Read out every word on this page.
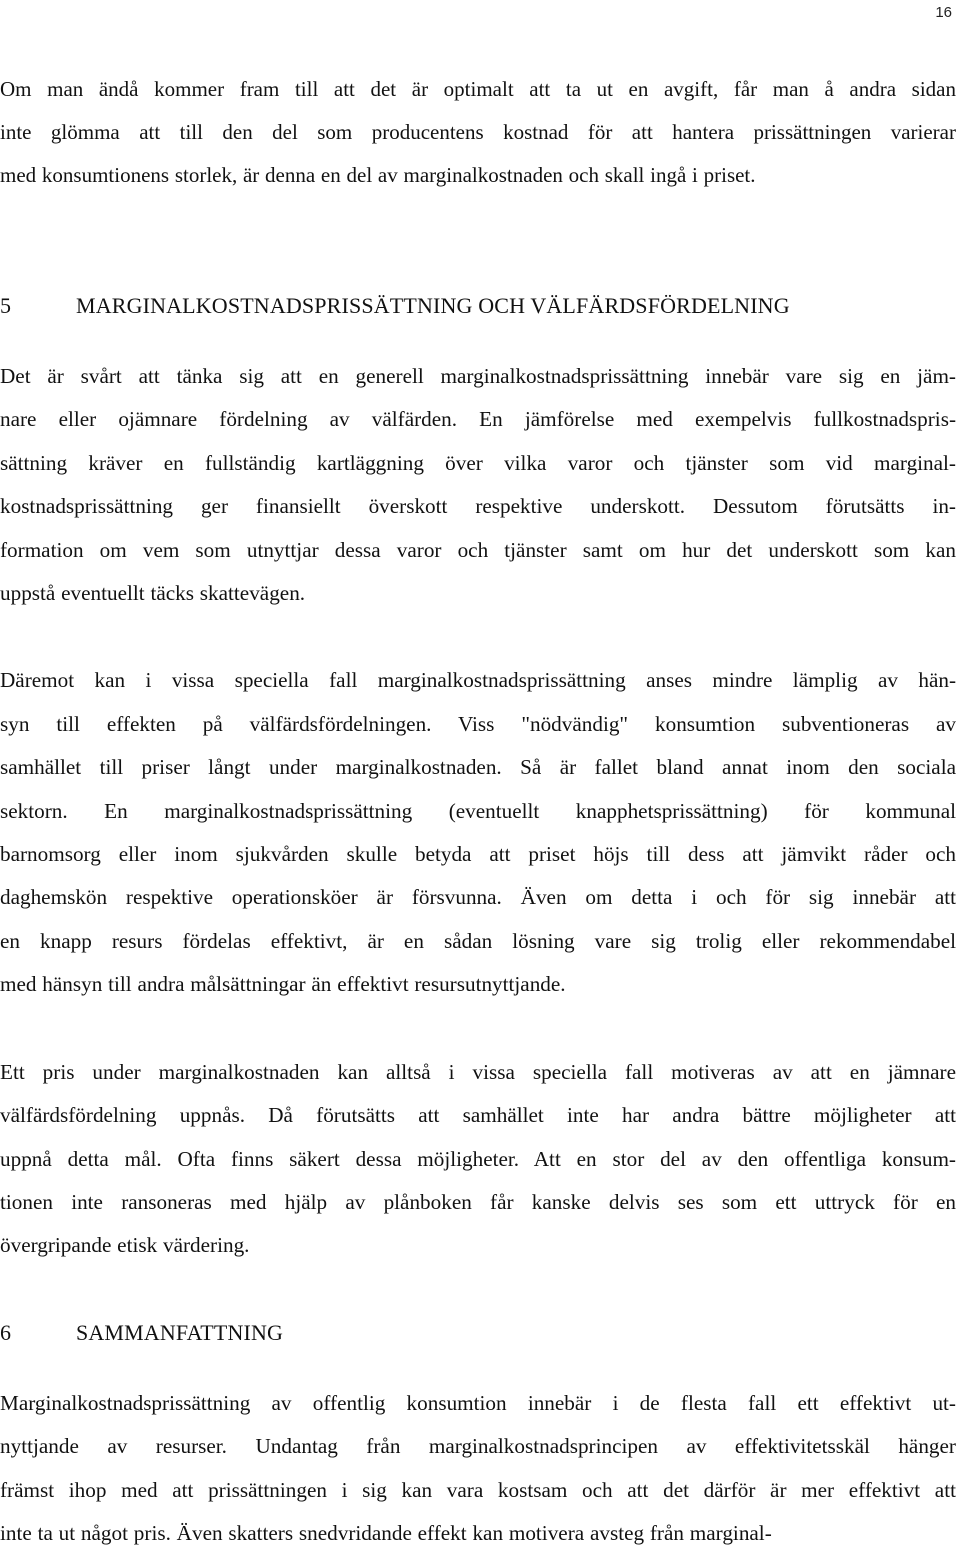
16
Om man ändå kommer fram till att det är optimalt att ta ut en avgift, får man å andra sidan
inte glömma att till den del som producentens kostnad för att hantera prissättningen varierar
med konsumtionens storlek, är denna en del av marginalkostnaden och skall ingå i priset.
5	MARGINALKOSTNADSPRISSÄTTNING OCH VÄLFÄRDSFÖRDELNING
Det är svårt att tänka sig att en generell marginalkostnadsprissättning innebär vare sig en jäm-
nare eller ojämnare fördelning av välfärden. En jämförelse med exempelvis fullkostnadspris-
sättning kräver en fullständig kartläggning över vilka varor och tjänster som vid marginal-
kostnadsprissättning ger finansiellt överskott respektive underskott. Dessutom förutsätts in-
formation om vem som utnyttjar dessa varor och tjänster samt om hur det underskott som kan
uppstå eventuellt täcks skattevägen.
Däremot kan i vissa speciella fall marginalkostnadsprissättning anses mindre lämplig av hän-
syn till effekten på välfärdsfördelningen. Viss "nödvändig" konsumtion subventioneras av
samhället till priser långt under marginalkostnaden. Så är fallet bland annat inom den sociala
sektorn. En marginalkostnadsprissättning (eventuellt knapphetsprissättning) för kommunal
barnomsorg eller inom sjukvården skulle betyda att priset höjs till dess att jämvikt råder och
daghemskön respektive operationsköer är försvunna. Även om detta i och för sig innebär att
en knapp resurs fördelas effektivt, är en sådan lösning vare sig trolig eller rekommendabel
med hänsyn till andra målsättningar än effektivt resursutnyttjande.
Ett pris under marginalkostnaden kan alltså i vissa speciella fall motiveras av att en jämnare
välfärdsfördelning uppnås. Då förutsätts att samhället inte har andra bättre möjligheter att
uppnå detta mål. Ofta finns säkert dessa möjligheter. Att en stor del av den offentliga konsum-
tionen inte ransoneras med hjälp av plånboken får kanske delvis ses som ett uttryck för en
övergripande etisk värdering.
6	SAMMANFATTNING
Marginalkostnadsprissättning av offentlig konsumtion innebär i de flesta fall ett effektivt ut-
nyttjande av resurser. Undantag från marginalkostnadsprincipen av effektivitetsskäl hänger
främst ihop med att prissättningen i sig kan vara kostsam och att det därför är mer effektivt att
inte ta ut något pris. Även skatters snedvridande effekt kan motivera avsteg från marginal-
